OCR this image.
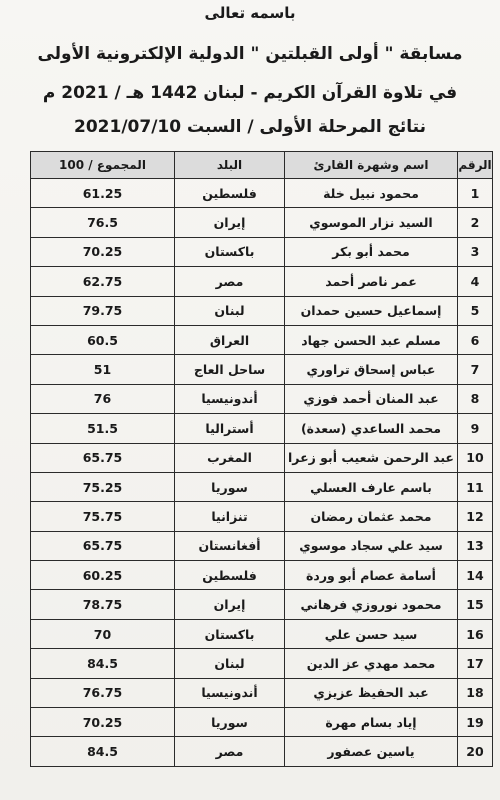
باسمه تعالى
مسابقة " أولى القبلتين " الدولية الإلكترونية الأولى
في تلاوة القرآن الكريم - لبنان 1442 هـ / 2021 م
نتائج المرحلة الأولى / السبت 2021/07/10
الرقم	اسم وشهرة القارئ	البلد	المجموع / 100
1	محمود نبيل خلة	فلسطين	61.25
2	السيد نزار الموسوي	إيران	76.5
3	محمد أبو بكر	باكستان	70.25
4	عمر ناصر أحمد	مصر	62.75
5	إسماعيل حسين حمدان	لبنان	79.75
6	مسلم عبد الحسن جهاد	العراق	60.5
7	عباس إسحاق تراوري	ساحل العاج	51
8	عبد المنان أحمد فوزي	أندونيسيا	76
9	محمد الساعدي (سعدة)	أستراليا	51.5
10	عبد الرحمن شعيب أبو زعرا	المغرب	65.75
11	باسم عارف العسلي	سوريا	75.25
12	محمد عثمان رمضان	تنزانيا	75.75
13	سيد علي سجاد موسوي	أفغانستان	65.75
14	أسامة عصام أبو وردة	فلسطين	60.25
15	محمود نوروزي فرهاني	إيران	78.75
16	سيد حسن علي	باكستان	70
17	محمد مهدي عز الدين	لبنان	84.5
18	عبد الحفيظ عزيزي	أندونيسيا	76.75
19	إياد بسام مهرة	سوريا	70.25
20	ياسين عصفور	مصر	84.5
